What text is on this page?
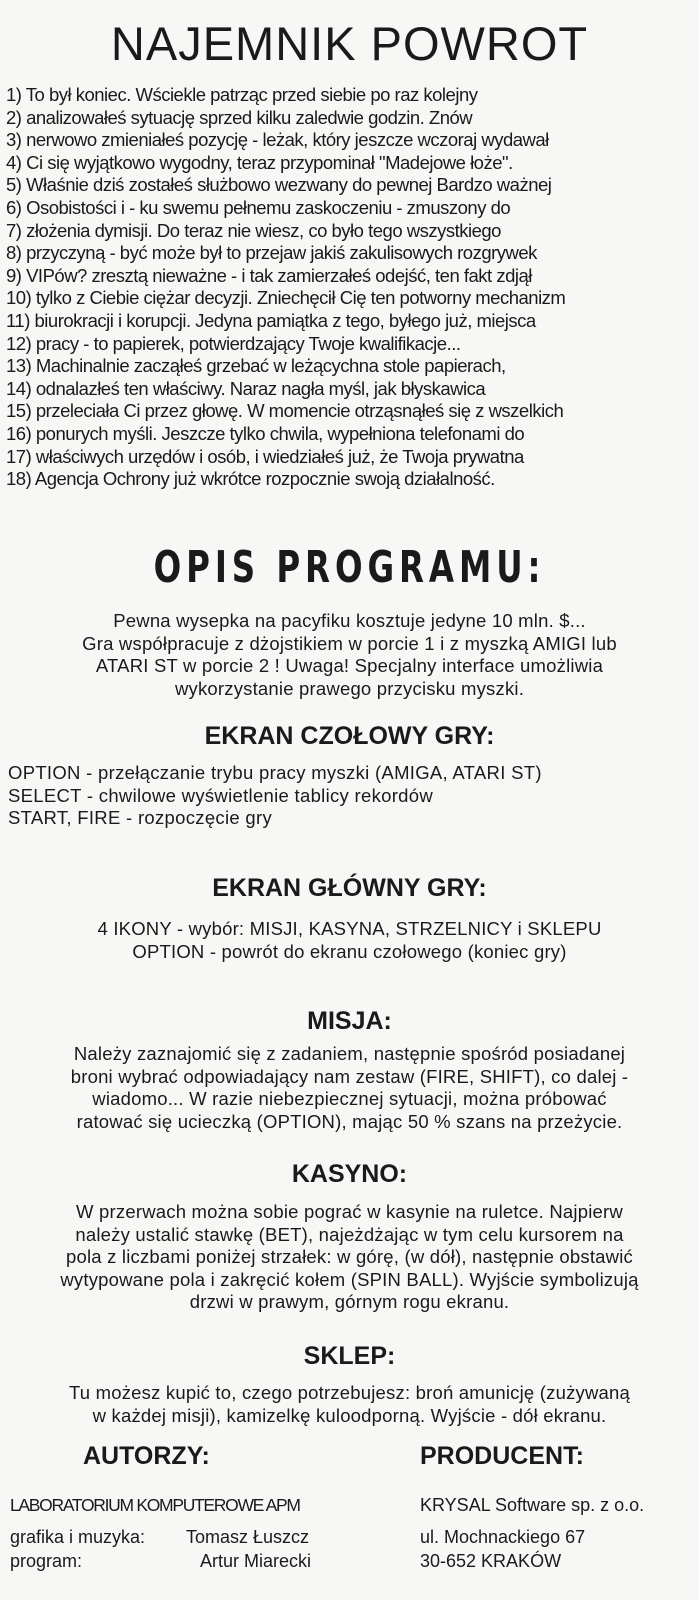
NAJEMNIK POWROT
1) To był koniec. Wściekle patrząc przed siebie po raz kolejny
2) analizowałeś sytuację sprzed kilku zaledwie godzin. Znów
3) nerwowo zmieniałeś pozycję - leżak, który jeszcze wczoraj wydawał
4) Ci się wyjątkowo wygodny, teraz przypominał "Madejowe łoże".
5) Właśnie dziś zostałeś służbowo wezwany do pewnej Bardzo ważnej
6) Osobistości i - ku swemu pełnemu zaskoczeniu - zmuszony do
7) złożenia dymisji. Do teraz nie wiesz, co było tego wszystkiego
8) przyczyną - być może był to przejaw jakiś zakulisowych rozgrywek
9) VIPów? zresztą nieważne - i tak zamierzałeś odejść, ten fakt zdjął
10) tylko z Ciebie ciężar decyzji. Zniechęcił Cię ten potworny mechanizm
11) biurokracji i korupcji. Jedyna pamiątka z tego, byłego już, miejsca
12) pracy - to papierek, potwierdzający Twoje kwalifikacje...
13) Machinalnie zacząłeś grzebać w leżącychna stole papierach,
14) odnalazłeś ten właściwy. Naraz nagła myśl, jak błyskawica
15) przeleciała Ci przez głowę. W momencie otrząsnąłeś się z wszelkich
16) ponurych myśli. Jeszcze tylko chwila, wypełniona telefonami do
17) właściwych urzędów i osób, i wiedziałeś już, że Twoja prywatna
18) Agencja Ochrony już wkrótce rozpocznie swoją działalność.
OPIS PROGRAMU:
Pewna wysepka na pacyfiku kosztuje jedyne 10 mln. $...
Gra współpracuje z dżojstikiem w porcie 1 i z myszką AMIGI lub
ATARI ST w porcie 2 ! Uwaga! Specjalny interface umożliwia
wykorzystanie prawego przycisku myszki.
EKRAN CZOŁOWY GRY:
OPTION - przełączanie trybu pracy myszki (AMIGA, ATARI ST)
SELECT - chwilowe wyświetlenie tablicy rekordów
START, FIRE - rozpoczęcie gry
EKRAN GŁÓWNY GRY:
4 IKONY - wybór: MISJI, KASYNA, STRZELNICY i SKLEPU
OPTION - powrót do ekranu czołowego (koniec gry)
MISJA:
Należy zaznajomić się z zadaniem, następnie spośród posiadanej
broni wybrać odpowiadający nam zestaw (FIRE, SHIFT), co dalej -
wiadomo... W razie niebezpiecznej sytuacji, można próbować
ratować się ucieczką (OPTION), mając 50 % szans na przeżycie.
KASYNO:
W przerwach można sobie pograć w kasynie na ruletce. Najpierw
należy ustalić stawkę (BET), najeżdżając w tym celu kursorem na
pola z liczbami poniżej strzałek: w górę, (w dół), następnie obstawić
wytypowane pola i zakręcić kołem (SPIN BALL). Wyjście symbolizują
drzwi w prawym, górnym rogu ekranu.
SKLEP:
Tu możesz kupić to, czego potrzebujesz: broń amunicję (zużywaną
w każdej misji), kamizelkę kuloodporną. Wyjście - dół ekranu.
AUTORZY:	PRODUCENT:
LABORATORIUM KOMPUTEROWE APM
grafika i muzyka: Tomasz Łuszcz
program:	Artur Miarecki
KRYSAL Software sp. z o.o.
ul. Mochnackiego 67
30-652 KRAKÓW
